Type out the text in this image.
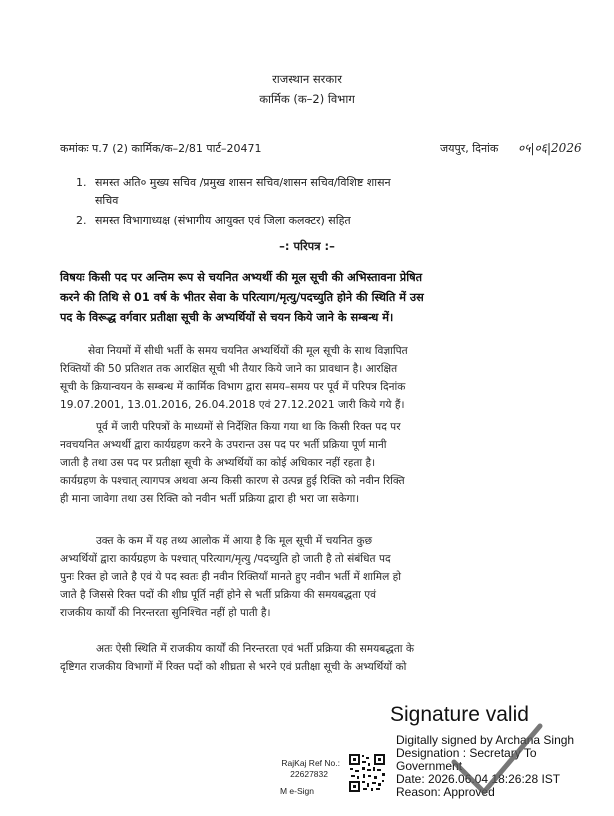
राजस्थान सरकार
कार्मिक (क–2) विभाग
कमांकः प.7 (2) कार्मिक/क–2/81 पार्ट–20471	जयपुर, दिनांक ०५|०६|2026
1. समस्त अति० मुख्य सचिव /प्रमुख शासन सचिव/शासन सचिव/विशिष्ट शासन
सचिव
2. समस्त विभागाध्यक्ष (संभागीय आयुक्त एवं जिला कलक्टर) सहित
–: परिपत्र :–
विषयः किसी पद पर अन्तिम रूप से चयनित अभ्यर्थी की मूल सूची की अभिस्तावना प्रेषित
करने की तिथि से 01 वर्ष के भीतर सेवा के परित्याग/मृत्यु/पदच्युति होने की स्थिति में उस
पद के विरूद्ध वर्गवार प्रतीक्षा सूची के अभ्यर्थियों से चयन किये जाने के सम्बन्ध में।
सेवा नियमों में सीधी भर्ती के समय चयनित अभ्यर्थियों की मूल सूची के साथ विज्ञापित
रिक्तियों की 50 प्रतिशत तक आरक्षित सूची भी तैयार किये जाने का प्रावधान है। आरक्षित
सूची के क्रियान्वयन के सम्बन्ध में कार्मिक विभाग द्वारा समय–समय पर पूर्व में परिपत्र दिनांक
19.07.2001, 13.01.2016, 26.04.2018 एवं 27.12.2021 जारी किये गये हैं।
पूर्व में जारी परिपत्रों के माध्यमों से निर्देशित किया गया था कि किसी रिक्त पद पर
नवचयनित अभ्यर्थी द्वारा कार्यग्रहण करने के उपरान्त उस पद पर भर्ती प्रक्रिया पूर्ण मानी
जाती है तथा उस पद पर प्रतीक्षा सूची के अभ्यर्थियों का कोई अधिकार नहीं रहता है।
कार्यग्रहण के पश्चात् त्यागपत्र अथवा अन्य किसी कारण से उत्पन्न हुई रिक्ति को नवीन रिक्ति
ही माना जावेगा तथा उस रिक्ति को नवीन भर्ती प्रक्रिया द्वारा ही भरा जा सकेगा।
उक्त के कम में यह तथ्य आलोक में आया है कि मूल सूची में चयनित कुछ
अभ्यर्थियों द्वारा कार्यग्रहण के पश्चात् परित्याग/मृत्यु /पदच्युति हो जाती है तो संबंधित पद
पुनः रिक्त हो जाते है एवं ये पद स्वतः ही नवीन रिक्तियाँ मानते हुए नवीन भर्ती में शामिल हो
जाते है जिससे रिक्त पदों की शीघ्र पूर्ति नहीं होने से भर्ती प्रक्रिया की समयबद्धता एवं
राजकीय कार्यों की निरन्तरता सुनिश्चित नहीं हो पाती है।
अतः ऐसी स्थिति में राजकीय कार्यों की निरन्तरता एवं भर्ती प्रक्रिया की समयबद्धता के
दृष्टिगत राजकीय विभागों में रिक्त पदों को शीघ्रता से भरने एवं प्रतीक्षा सूची के अभ्यर्थियों को
RajKaj Ref No.:
22627832
M e-Sign
Signature valid
Digitally signed by Archana Singh
Designation : Secretary To
Government
Date: 2026.06.04 18:26:28 IST
Reason: Approved
